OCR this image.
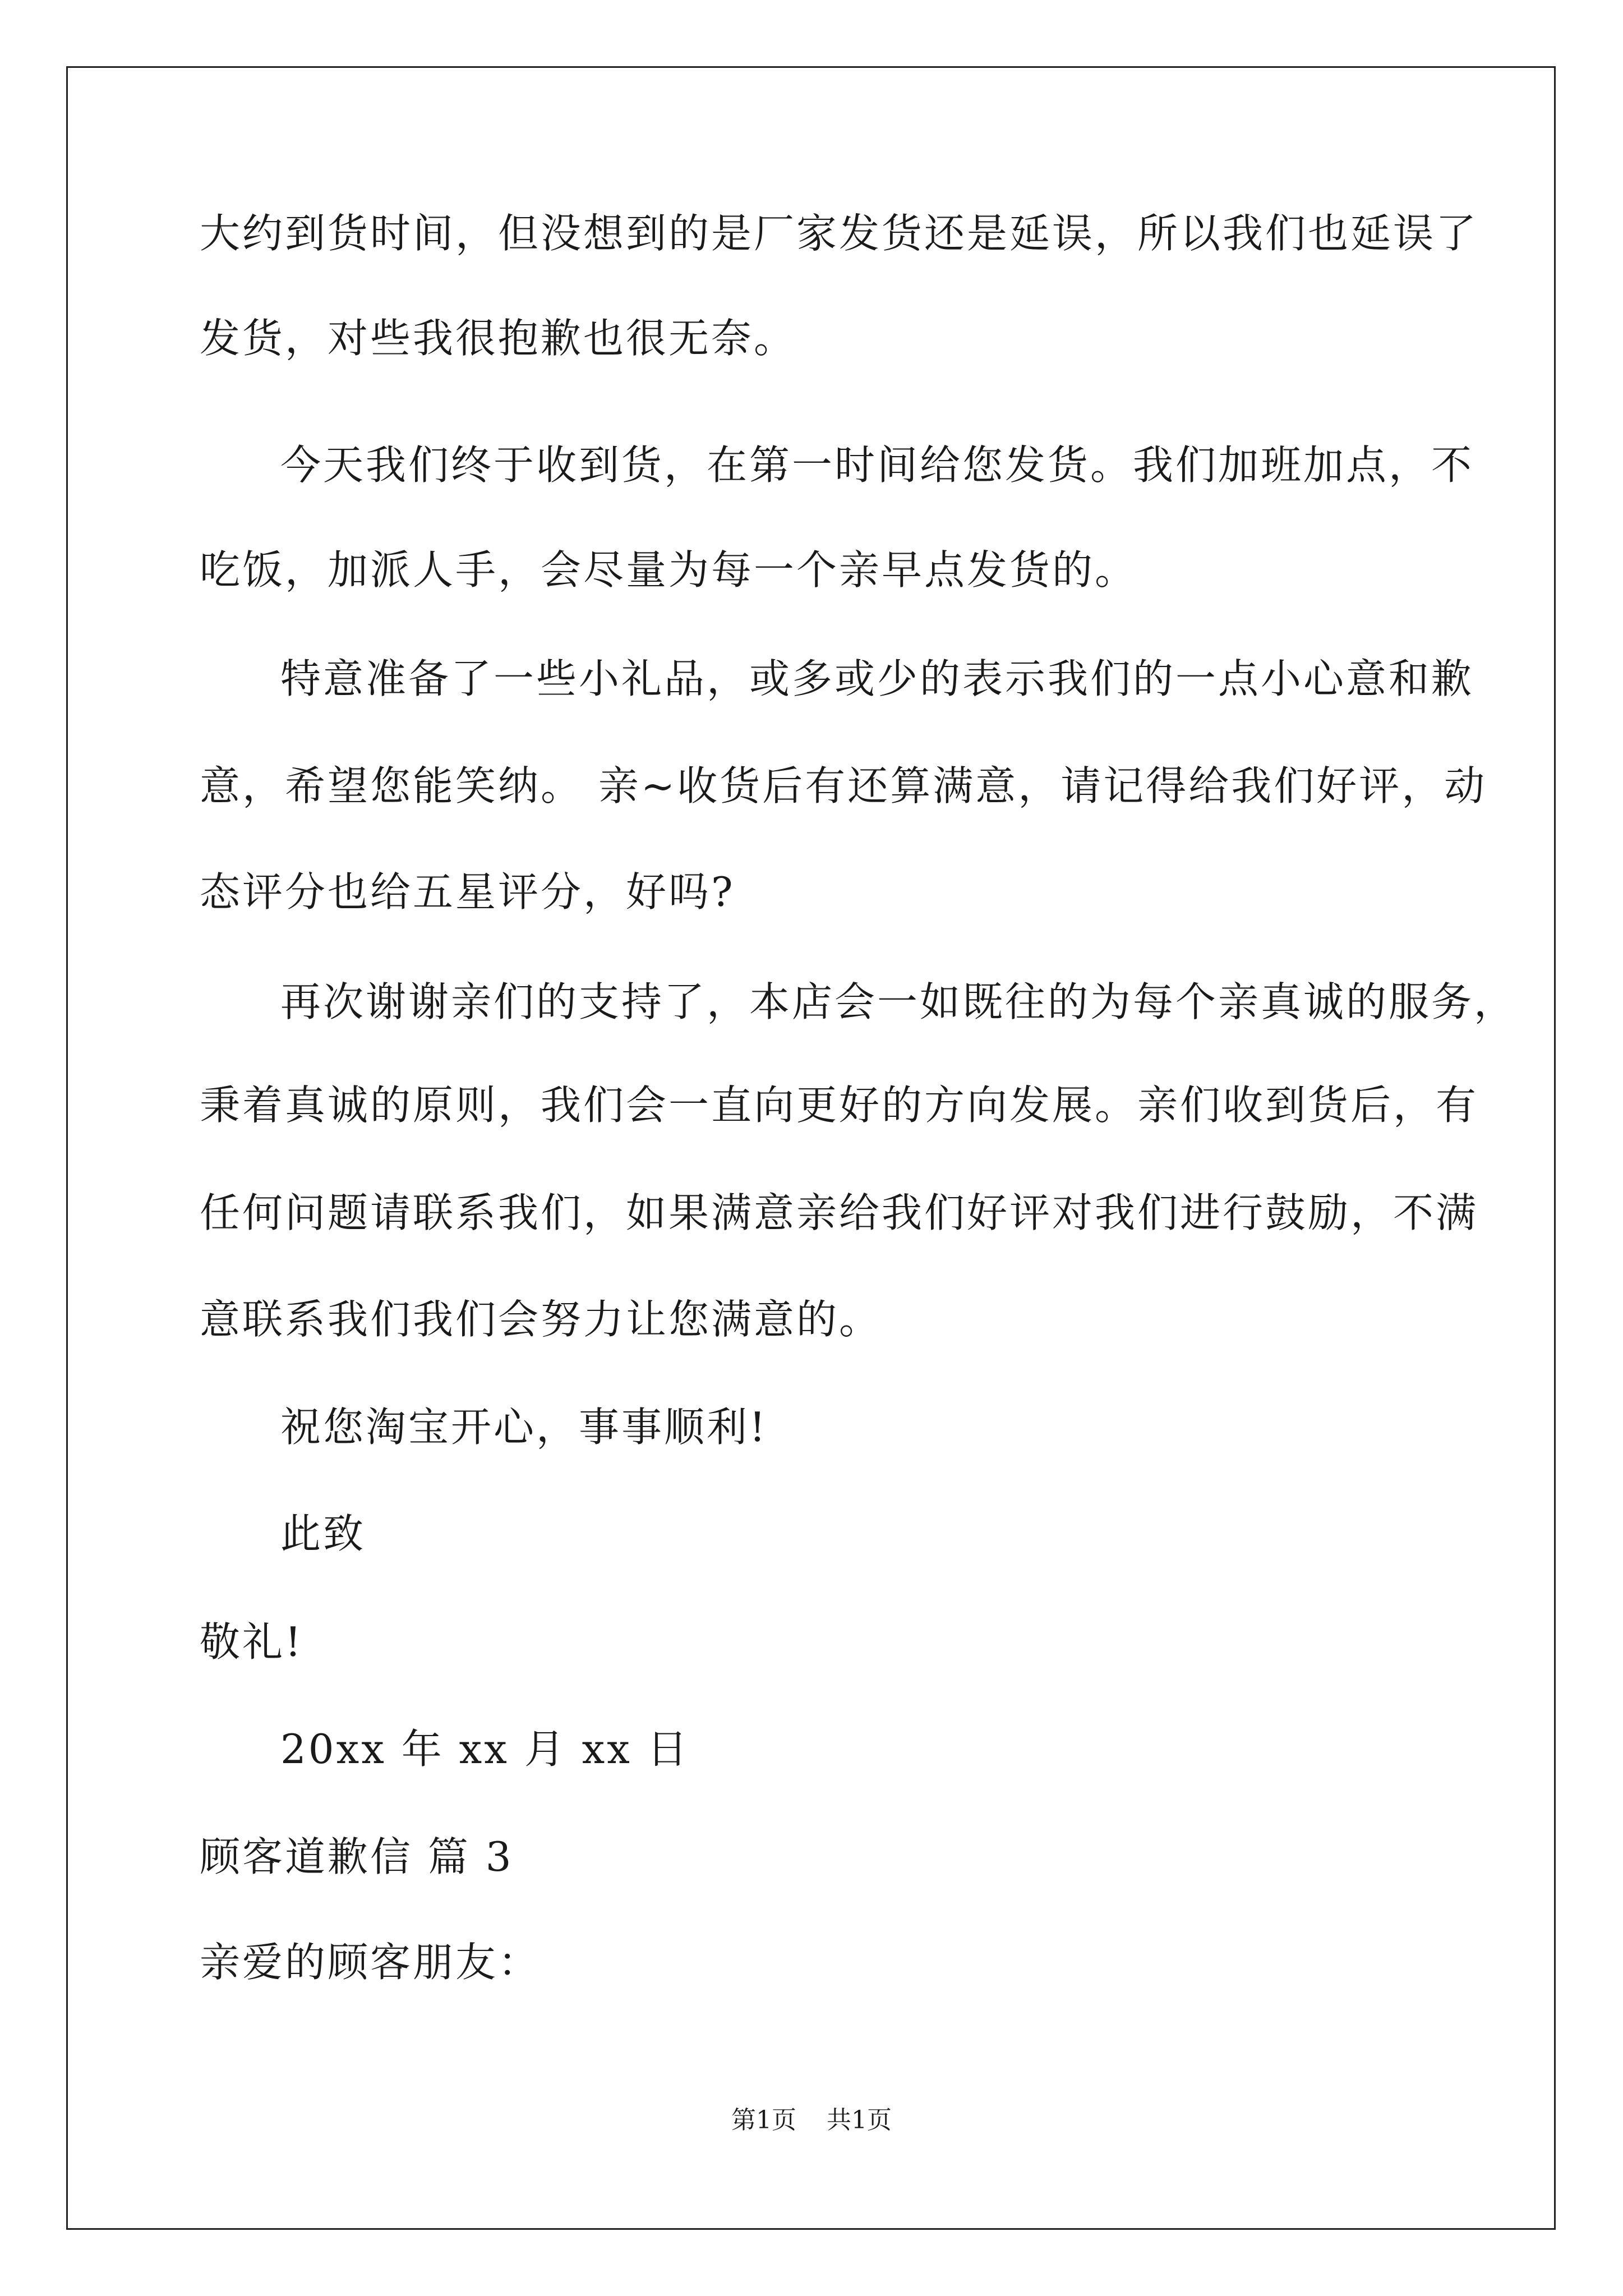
大约到货时间，但没想到的是厂家发货还是延误，所以我们也延误了
发货，对些我很抱歉也很无奈。
今天我们终于收到货，在第一时间给您发货。我们加班加点，不
吃饭，加派人手，会尽量为每一个亲早点发货的。
特意准备了一些小礼品，或多或少的表示我们的一点小心意和歉
意，希望您能笑纳。 亲~收货后有还算满意，请记得给我们好评，动
态评分也给五星评分，好吗?
再次谢谢亲们的支持了，本店会一如既往的为每个亲真诚的服务，
秉着真诚的原则，我们会一直向更好的方向发展。亲们收到货后，有
任何问题请联系我们，如果满意亲给我们好评对我们进行鼓励，不满
意联系我们我们会努力让您满意的。
祝您淘宝开心，事事顺利!
此致
敬礼!
20xx 年 xx 月 xx 日
顾客道歉信 篇 3
亲爱的顾客朋友：
第1页 共1页
